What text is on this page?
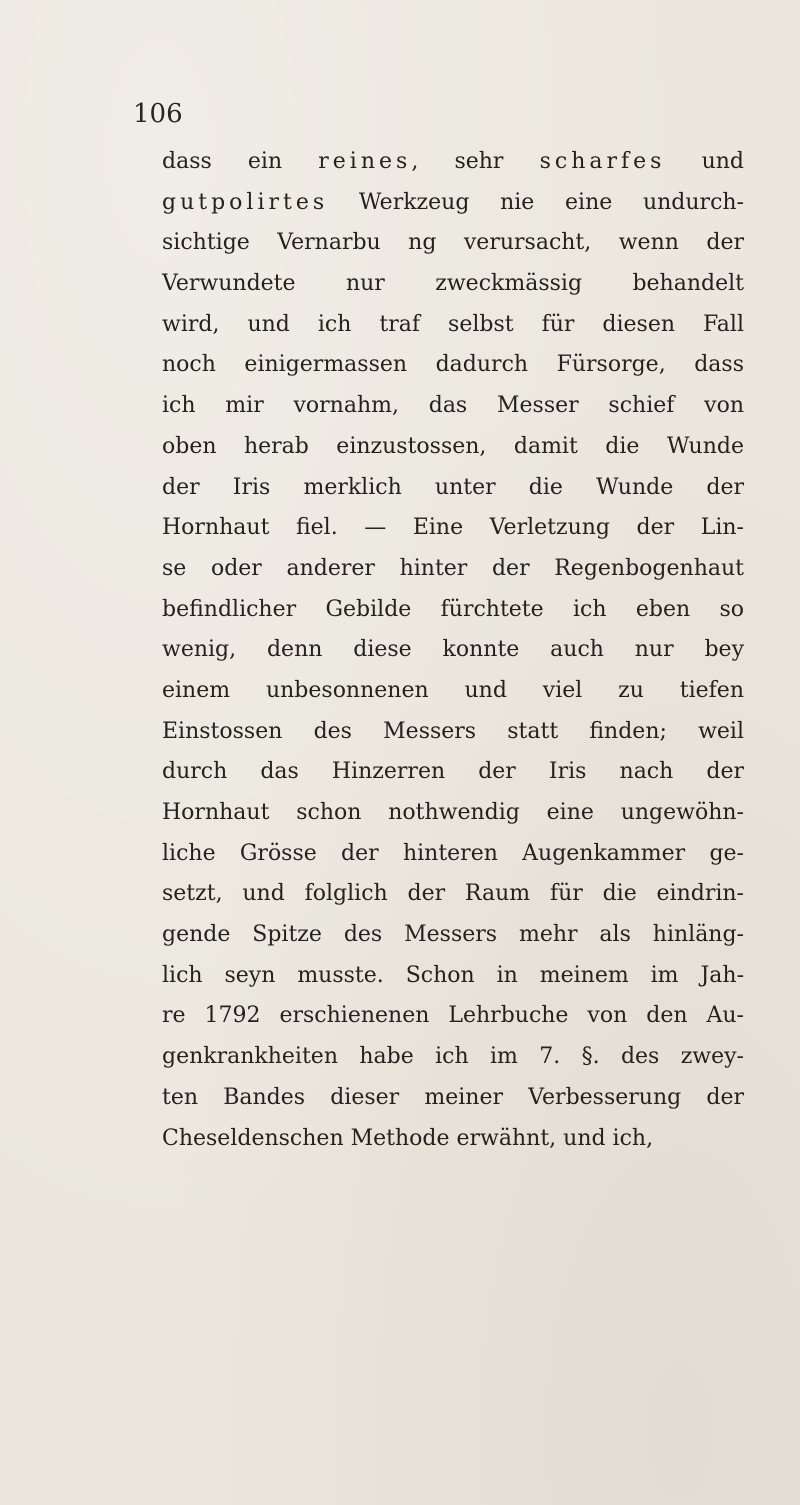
106
dass ein reines, sehr scharfes und
gutpolirtes Werkzeug nie eine undurch-
sichtige Vernarbu ng verursacht, wenn der
Verwundete nur zweckmässig behandelt
wird, und ich traf selbst für diesen Fall
noch einigermassen dadurch Fürsorge, dass
ich mir vornahm, das Messer schief von
oben herab einzustossen, damit die Wunde
der Iris merklich unter die Wunde der
Hornhaut fiel. — Eine Verletzung der Lin-
se oder anderer hinter der Regenbogenhaut
befindlicher Gebilde fürchtete ich eben so
wenig, denn diese konnte auch nur bey
einem unbesonnenen und viel zu tiefen
Einstossen des Messers statt finden; weil
durch das Hinzerren der Iris nach der
Hornhaut schon nothwendig eine ungewöhn-
liche Grösse der hinteren Augenkammer ge-
setzt, und folglich der Raum für die eindrin-
gende Spitze des Messers mehr als hinläng-
lich seyn musste. Schon in meinem im Jah-
re 1792 erschienenen Lehrbuche von den Au-
genkrankheiten habe ich im 7. §. des zwey-
ten Bandes dieser meiner Verbesserung der
Cheseldenschen Methode erwähnt, und ich,
